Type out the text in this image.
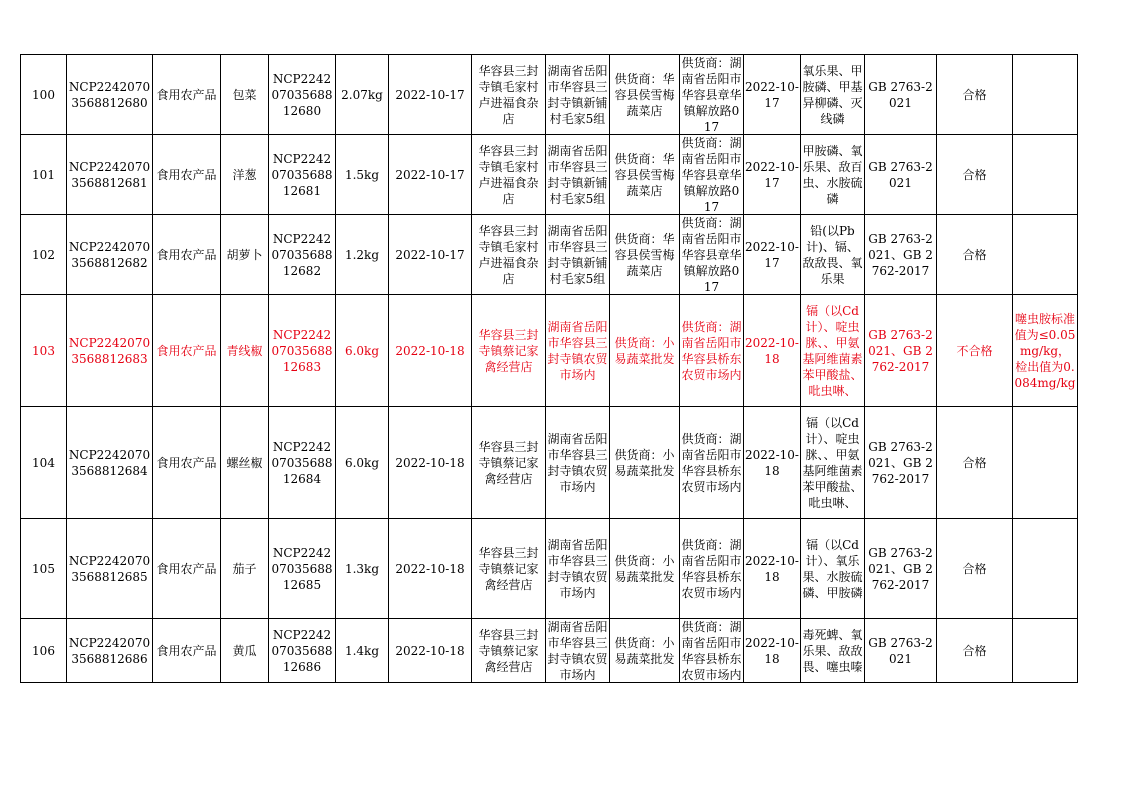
100	NCP22420703568812680	食用农产品	包菜	NCP22420703568812680	2.07kg	2022-10-17	华容县三封寺镇毛家村卢进福食杂店	湖南省岳阳市华容县三封寺镇新铺村毛家5组	供货商：华容县侯雪梅蔬菜店	供货商：湖南省岳阳市华容县章华镇解放路017	2022-10-17	氧乐果、甲胺磷、甲基异柳磷、灭线磷	GB 2763-2021	合格	

101	NCP22420703568812681	食用农产品	洋葱	NCP22420703568812681	1.5kg	2022-10-17	华容县三封寺镇毛家村卢进福食杂店	湖南省岳阳市华容县三封寺镇新铺村毛家5组	供货商：华容县侯雪梅蔬菜店	供货商：湖南省岳阳市华容县章华镇解放路017	2022-10-17	甲胺磷、氧乐果、敌百虫、水胺硫磷	GB 2763-2021	合格	

102	NCP22420703568812682	食用农产品	胡萝卜	NCP22420703568812682	1.2kg	2022-10-17	华容县三封寺镇毛家村卢进福食杂店	湖南省岳阳市华容县三封寺镇新铺村毛家5组	供货商：华容县侯雪梅蔬菜店	供货商：湖南省岳阳市华容县章华镇解放路017	2022-10-17	铅(以Pb计)、镉、敌敌畏、氧乐果	GB 2763-2021、GB 2762-2017	合格	

103	NCP22420703568812683	食用农产品	青线椒	NCP22420703568812683	6.0kg	2022-10-18	华容县三封寺镇蔡记家禽经营店	湖南省岳阳市华容县三封寺镇农贸市场内	供货商：小易蔬菜批发	供货商：湖南省岳阳市华容县桥东农贸市场内	2022-10-18	镉（以Cd计）、啶虫脒、、甲氨基阿维菌素苯甲酸盐、吡虫啉、	GB 2763-2021、GB 2762-2017	不合格	噻虫胺标准值为≤0.05mg/kg，检出值为0.084mg/kg

104	NCP22420703568812684	食用农产品	螺丝椒	NCP22420703568812684	6.0kg	2022-10-18	华容县三封寺镇蔡记家禽经营店	湖南省岳阳市华容县三封寺镇农贸市场内	供货商：小易蔬菜批发	供货商：湖南省岳阳市华容县桥东农贸市场内	2022-10-18	镉（以Cd计）、啶虫脒、、甲氨基阿维菌素苯甲酸盐、吡虫啉、	GB 2763-2021、GB 2762-2017	合格	

105	NCP22420703568812685	食用农产品	茄子	NCP22420703568812685	1.3kg	2022-10-18	华容县三封寺镇蔡记家禽经营店	湖南省岳阳市华容县三封寺镇农贸市场内	供货商：小易蔬菜批发	供货商：湖南省岳阳市华容县桥东农贸市场内	2022-10-18	镉（以Cd计）、氧乐果、水胺硫磷、甲胺磷	GB 2763-2021、GB 2762-2017	合格	

106	NCP22420703568812686	食用农产品	黄瓜	NCP22420703568812686	1.4kg	2022-10-18	华容县三封寺镇蔡记家禽经营店	湖南省岳阳市华容县三封寺镇农贸市场内	供货商：小易蔬菜批发	供货商：湖南省岳阳市华容县桥东农贸市场内	2022-10-18	毒死蜱、氧乐果、敌敌畏、噻虫嗪	GB 2763-2021	合格	
